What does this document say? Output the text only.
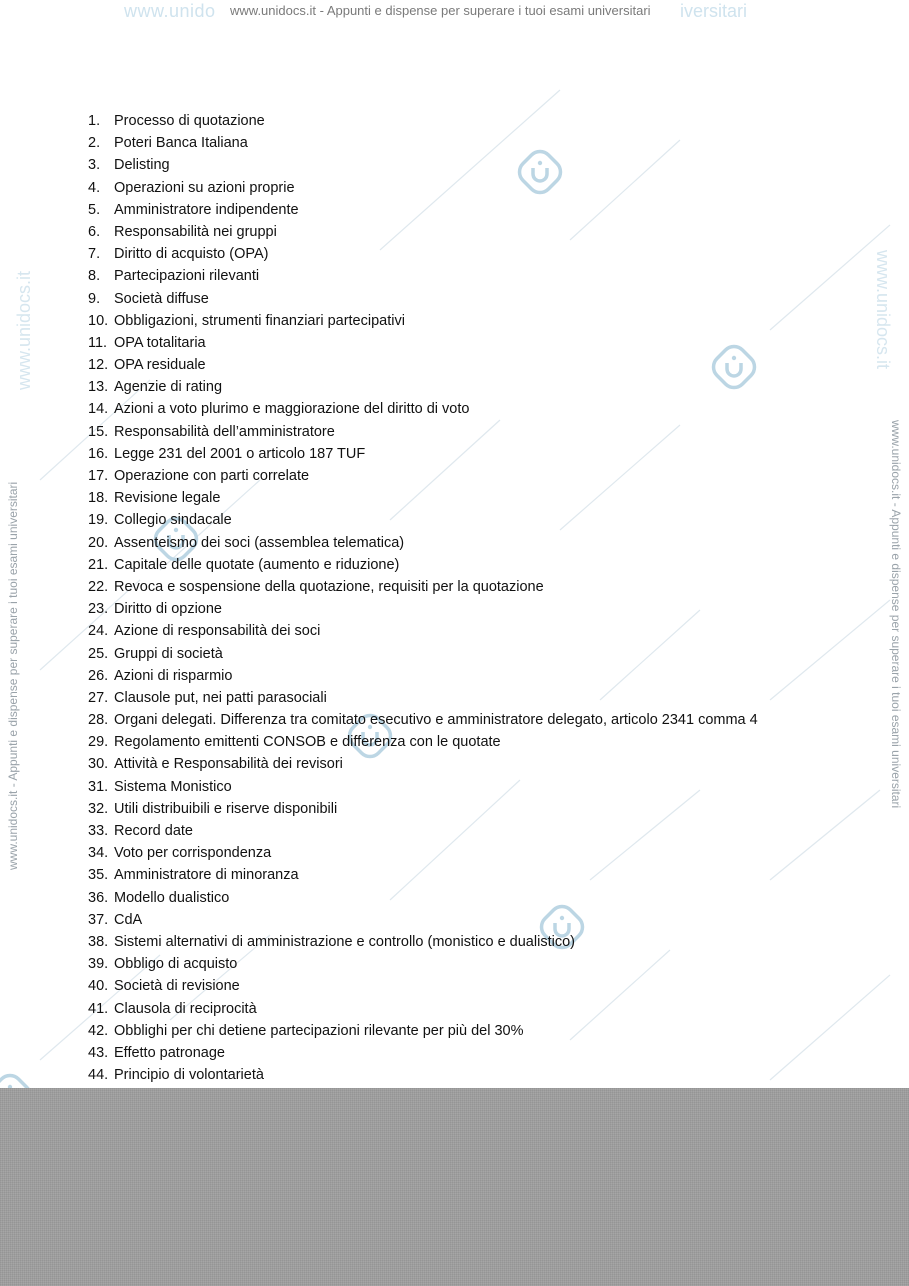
www.unido	iversitari
www.unidocs.it - Appunti e dispense per superare i tuoi esami universitari
www.unidocs.it
www.unidocs.it - Appunti e dispense per superare i tuoi esami universitari
www.unidocs.it
www.unidocs.it - Appunti e dispense per superare i tuoi esami universitari
1. Processo di quotazione
2. Poteri Banca Italiana
3. Delisting
4. Operazioni su azioni proprie
5. Amministratore indipendente
6. Responsabilità nei gruppi
7. Diritto di acquisto (OPA)
8. Partecipazioni rilevanti
9. Società diffuse
10. Obbligazioni, strumenti finanziari partecipativi
11. OPA totalitaria
12. OPA residuale
13. Agenzie di rating
14. Azioni a voto plurimo e maggiorazione del diritto di voto
15. Responsabilità dell’amministratore
16. Legge 231 del 2001 o articolo 187 TUF
17. Operazione con parti correlate
18. Revisione legale
19. Collegio sindacale
20. Assenteismo dei soci (assemblea telematica)
21. Capitale delle quotate (aumento e riduzione)
22. Revoca e sospensione della quotazione, requisiti per la quotazione
23. Diritto di opzione
24. Azione di responsabilità dei soci
25. Gruppi di società
26. Azioni di risparmio
27. Clausole put, nei patti parasociali
28. Organi delegati. Differenza tra comitato esecutivo e amministratore delegato, articolo 2341 comma 4
29. Regolamento emittenti CONSOB e differenza con le quotate
30. Attività e Responsabilità dei revisori
31. Sistema Monistico
32. Utili distribuibili e riserve disponibili
33. Record date
34. Voto per corrispondenza
35. Amministratore di minoranza
36. Modello dualistico
37. CdA
38. Sistemi alternativi di amministrazione e controllo (monistico e dualistico)
39. Obbligo di acquisto
40. Società di revisione
41. Clausola di reciprocità
42. Obblighi per chi detiene partecipazioni rilevante per più del 30%
43. Effetto patronage
44. Principio di volontarietà
